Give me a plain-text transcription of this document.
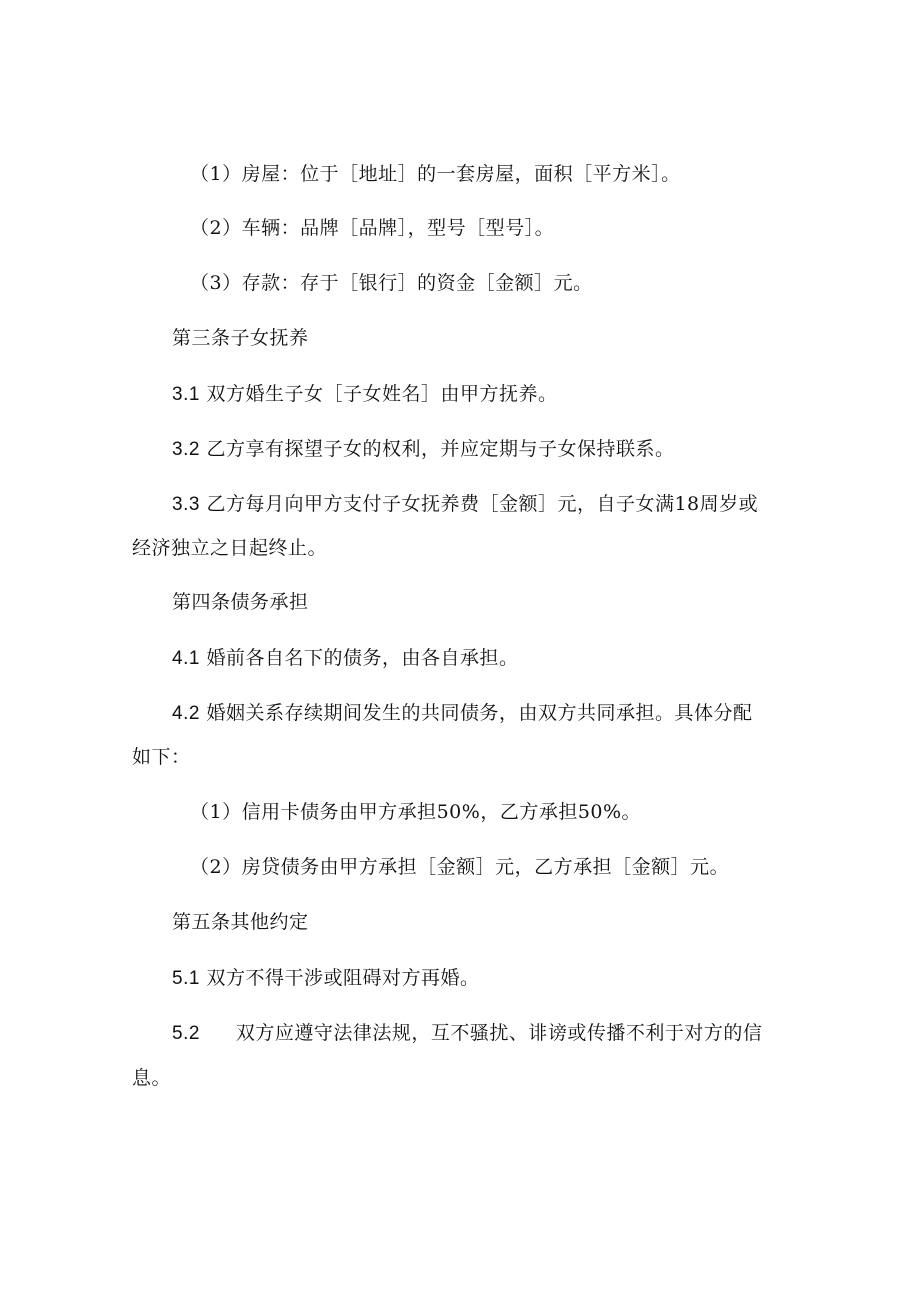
（1）房屋：位于［地址］的一套房屋，面积［平方米］。
（2）车辆：品牌［品牌］，型号［型号］。
（3）存款：存于［银行］的资金［金额］元。
第三条子女抚养
3.1 双方婚生子女［子女姓名］由甲方抚养。
3.2 乙方享有探望子女的权利，并应定期与子女保持联系。
3.3 乙方每月向甲方支付子女抚养费［金额］元，自子女满18周岁或
经济独立之日起终止。
第四条债务承担
4.1 婚前各自名下的债务，由各自承担。
4.2 婚姻关系存续期间发生的共同债务，由双方共同承担。具体分配
如下：
（1）信用卡债务由甲方承担50%，乙方承担50%。
（2）房贷债务由甲方承担［金额］元，乙方承担［金额］元。
第五条其他约定
5.1 双方不得干涉或阻碍对方再婚。
5.2 双方应遵守法律法规，互不骚扰、诽谤或传播不利于对方的信
息。
